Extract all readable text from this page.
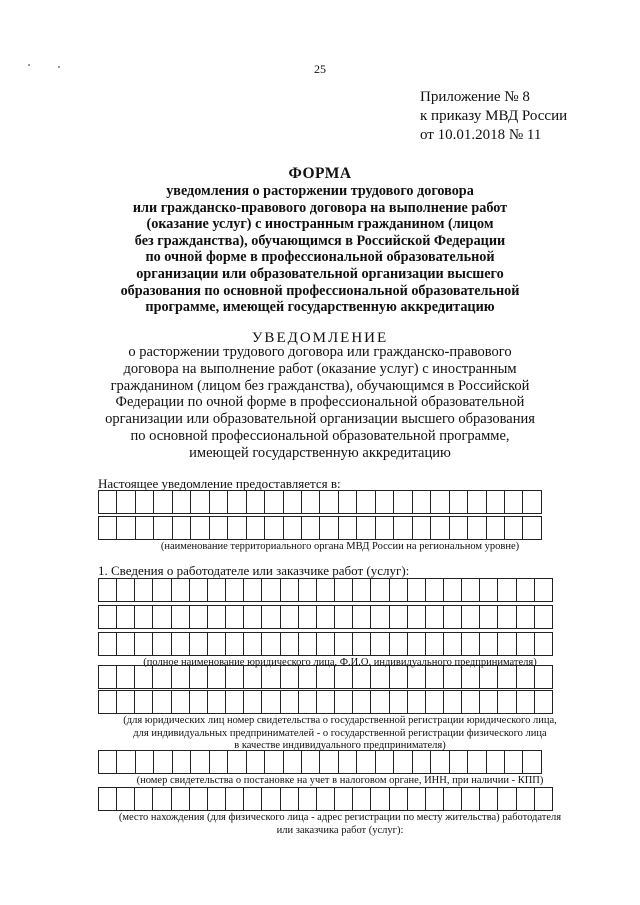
25
Приложение № 8
к приказу МВД России
от 10.01.2018 № 11
ФОРМА
уведомления о расторжении трудового договора
или гражданско-правового договора на выполнение работ
(оказание услуг) с иностранным гражданином (лицом
без гражданства), обучающимся в Российской Федерации
по очной форме в профессиональной образовательной
организации или образовательной организации высшего
образования по основной профессиональной образовательной
программе, имеющей государственную аккредитацию
УВЕДОМЛЕНИЕ
о расторжении трудового договора или гражданско-правового
договора на выполнение работ (оказание услуг) с иностранным
гражданином (лицом без гражданства), обучающимся в Российской
Федерации по очной форме в профессиональной образовательной
организации или образовательной организации высшего образования
по основной профессиональной образовательной программе,
имеющей государственную аккредитацию
Настоящее уведомление предоставляется в:
(наименование территориального органа МВД России на региональном уровне)
1. Сведения о работодателе или заказчике работ (услуг):
(полное наименование юридического лица, Ф.И.О. индивидуального предпринимателя)
(для юридических лиц номер свидетельства о государственной регистрации юридического лица,
для индивидуальных предпринимателей - о государственной регистрации физического лица
в качестве индивидуального предпринимателя)
(номер свидетельства о постановке на учет в налоговом органе, ИНН, при наличии - КПП)
(место нахождения (для физического лица - адрес регистрации по месту жительства) работодателя
или заказчика работ (услуг):
